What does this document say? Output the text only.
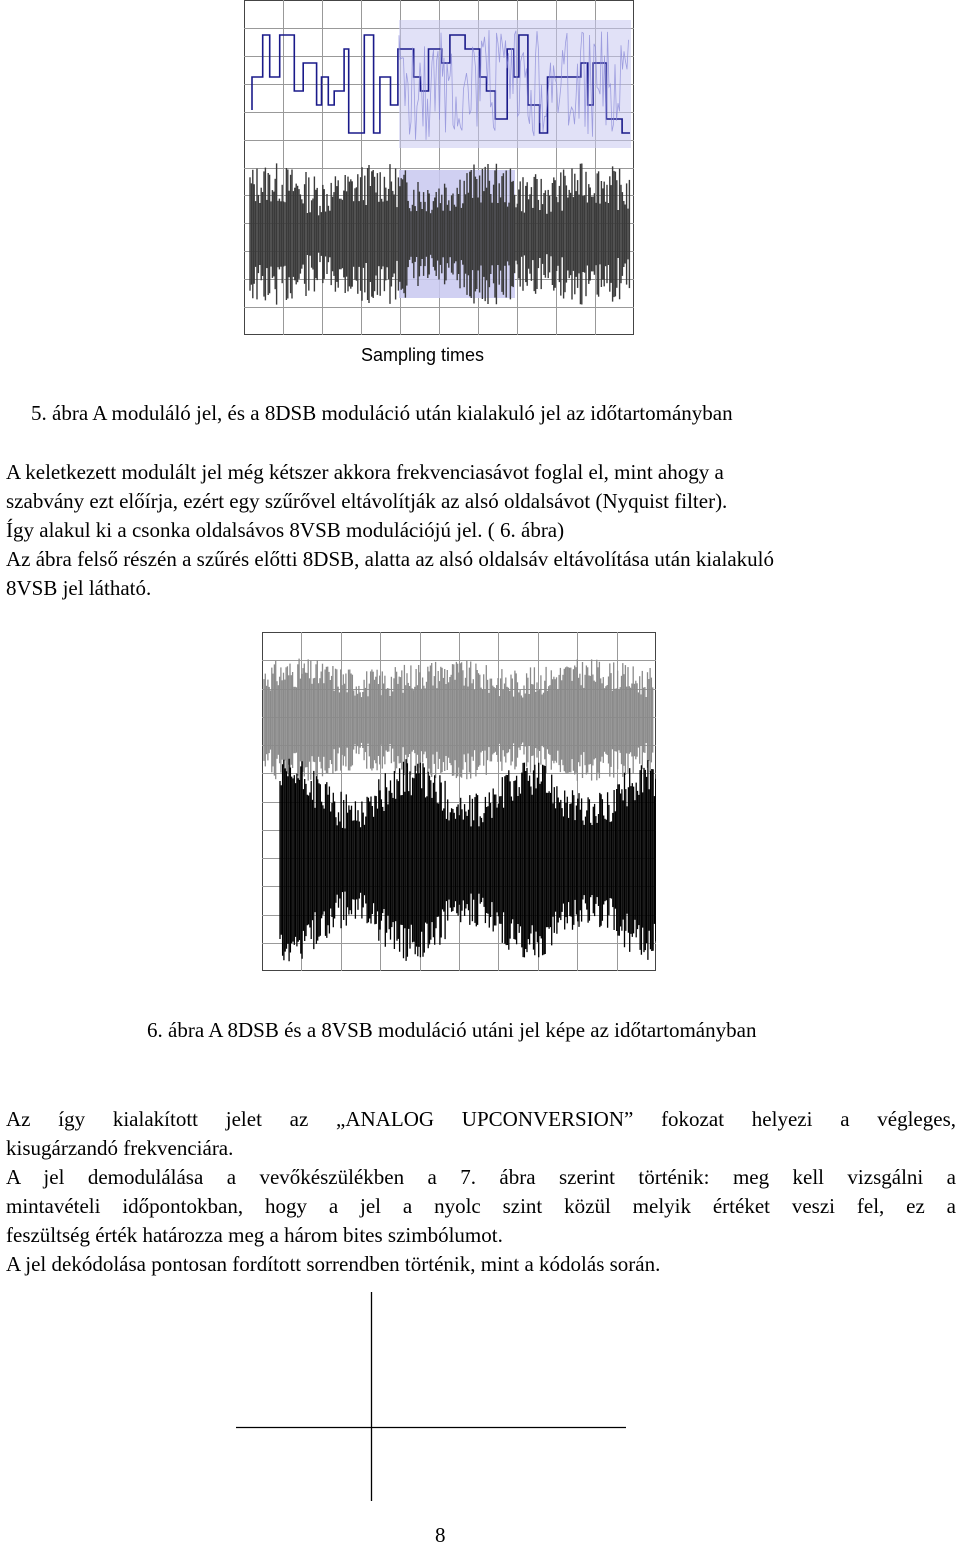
Sampling times
5. ábra A moduláló jel, és a 8DSB moduláció után kialakuló jel az időtartományban
A keletkezett modulált jel még kétszer akkora frekvenciasávot foglal el, mint ahogy a
szabvány ezt előírja, ezért egy szűrővel eltávolítják az alsó oldalsávot (Nyquist filter).
Így alakul ki a csonka oldalsávos 8VSB modulációjú jel. ( 6. ábra)
Az ábra felső részén a szűrés előtti 8DSB, alatta az alsó oldalsáv eltávolítása után kialakuló
8VSB jel látható.
6. ábra A 8DSB és a 8VSB moduláció utáni jel képe az időtartományban
Az így kialakított jelet az „ANALOG UPCONVERSION” fokozat helyezi a végleges,
kisugárzandó frekvenciára.
A jel demodulálása a vevőkészülékben a 7. ábra szerint történik: meg kell vizsgálni a
mintavételi időpontokban, hogy a jel a nyolc szint közül melyik értéket veszi fel, ez a
feszültség érték határozza meg a három bites szimbólumot.
A jel dekódolása pontosan fordított sorrendben történik, mint a kódolás során.
8
